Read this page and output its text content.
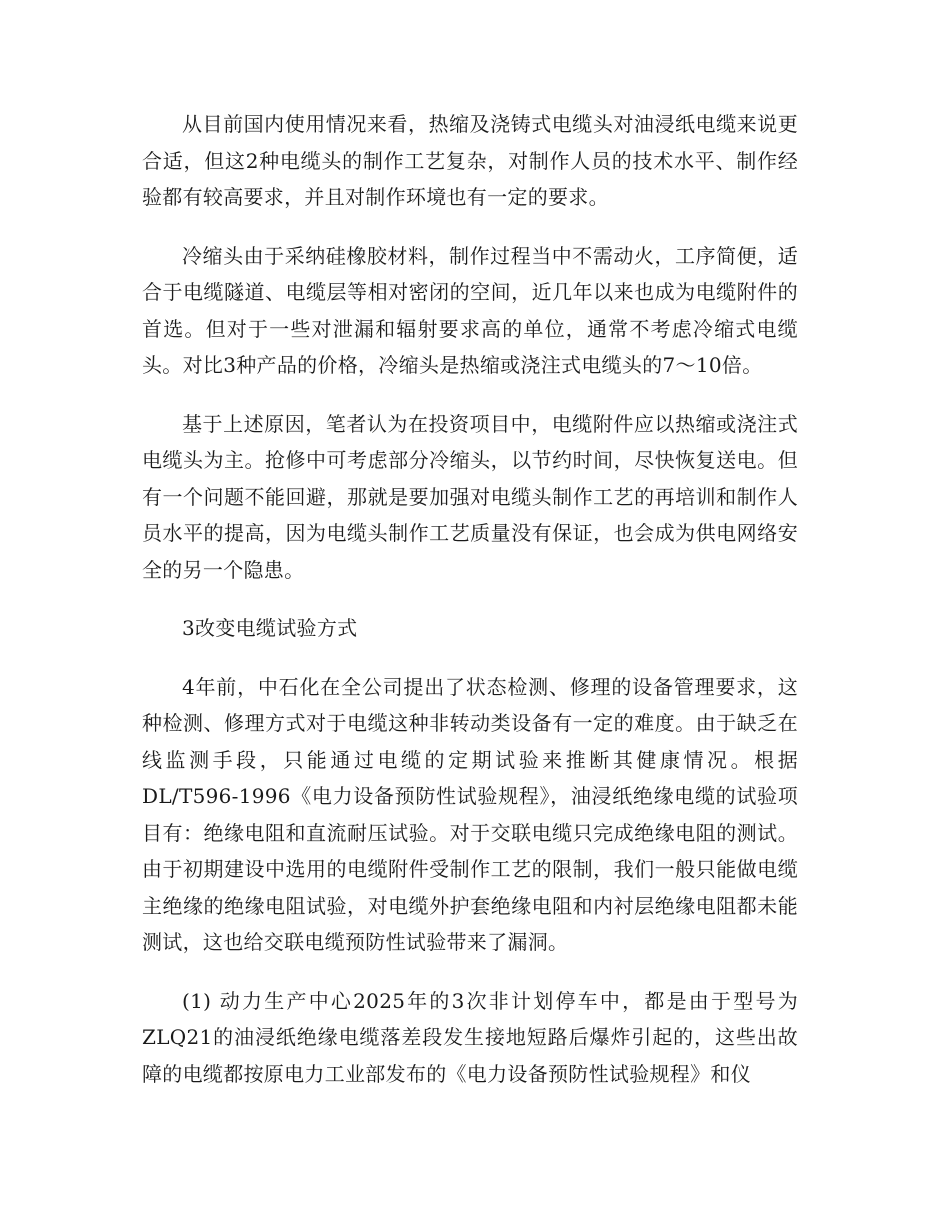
从目前国内使用情况来看，热缩及浇铸式电缆头对油浸纸电缆来说更合适，但这2种电缆头的制作工艺复杂，对制作人员的技术水平、制作经验都有较高要求，并且对制作环境也有一定的要求。

冷缩头由于采纳硅橡胶材料，制作过程当中不需动火，工序简便，适合于电缆隧道、电缆层等相对密闭的空间，近几年以来也成为电缆附件的首选。但对于一些对泄漏和辐射要求高的单位，通常不考虑冷缩式电缆头。对比3种产品的价格，冷缩头是热缩或浇注式电缆头的7～10倍。

基于上述原因，笔者认为在投资项目中，电缆附件应以热缩或浇注式电缆头为主。抢修中可考虑部分冷缩头，以节约时间，尽快恢复送电。但有一个问题不能回避，那就是要加强对电缆头制作工艺的再培训和制作人员水平的提高，因为电缆头制作工艺质量没有保证，也会成为供电网络安全的另一个隐患。

3改变电缆试验方式

4年前，中石化在全公司提出了状态检测、修理的设备管理要求，这种检测、修理方式对于电缆这种非转动类设备有一定的难度。由于缺乏在线监测手段，只能通过电缆的定期试验来推断其健康情况。根据DL/T596-1996《电力设备预防性试验规程》，油浸纸绝缘电缆的试验项目有：绝缘电阻和直流耐压试验。对于交联电缆只完成绝缘电阻的测试。由于初期建设中选用的电缆附件受制作工艺的限制，我们一般只能做电缆主绝缘的绝缘电阻试验，对电缆外护套绝缘电阻和内衬层绝缘电阻都未能测试，这也给交联电缆预防性试验带来了漏洞。

(1) 动力生产中心2025年的3次非计划停车中，都是由于型号为ZLQ21的油浸纸绝缘电缆落差段发生接地短路后爆炸引起的，这些出故障的电缆都按原电力工业部发布的《电力设备预防性试验规程》和仪
